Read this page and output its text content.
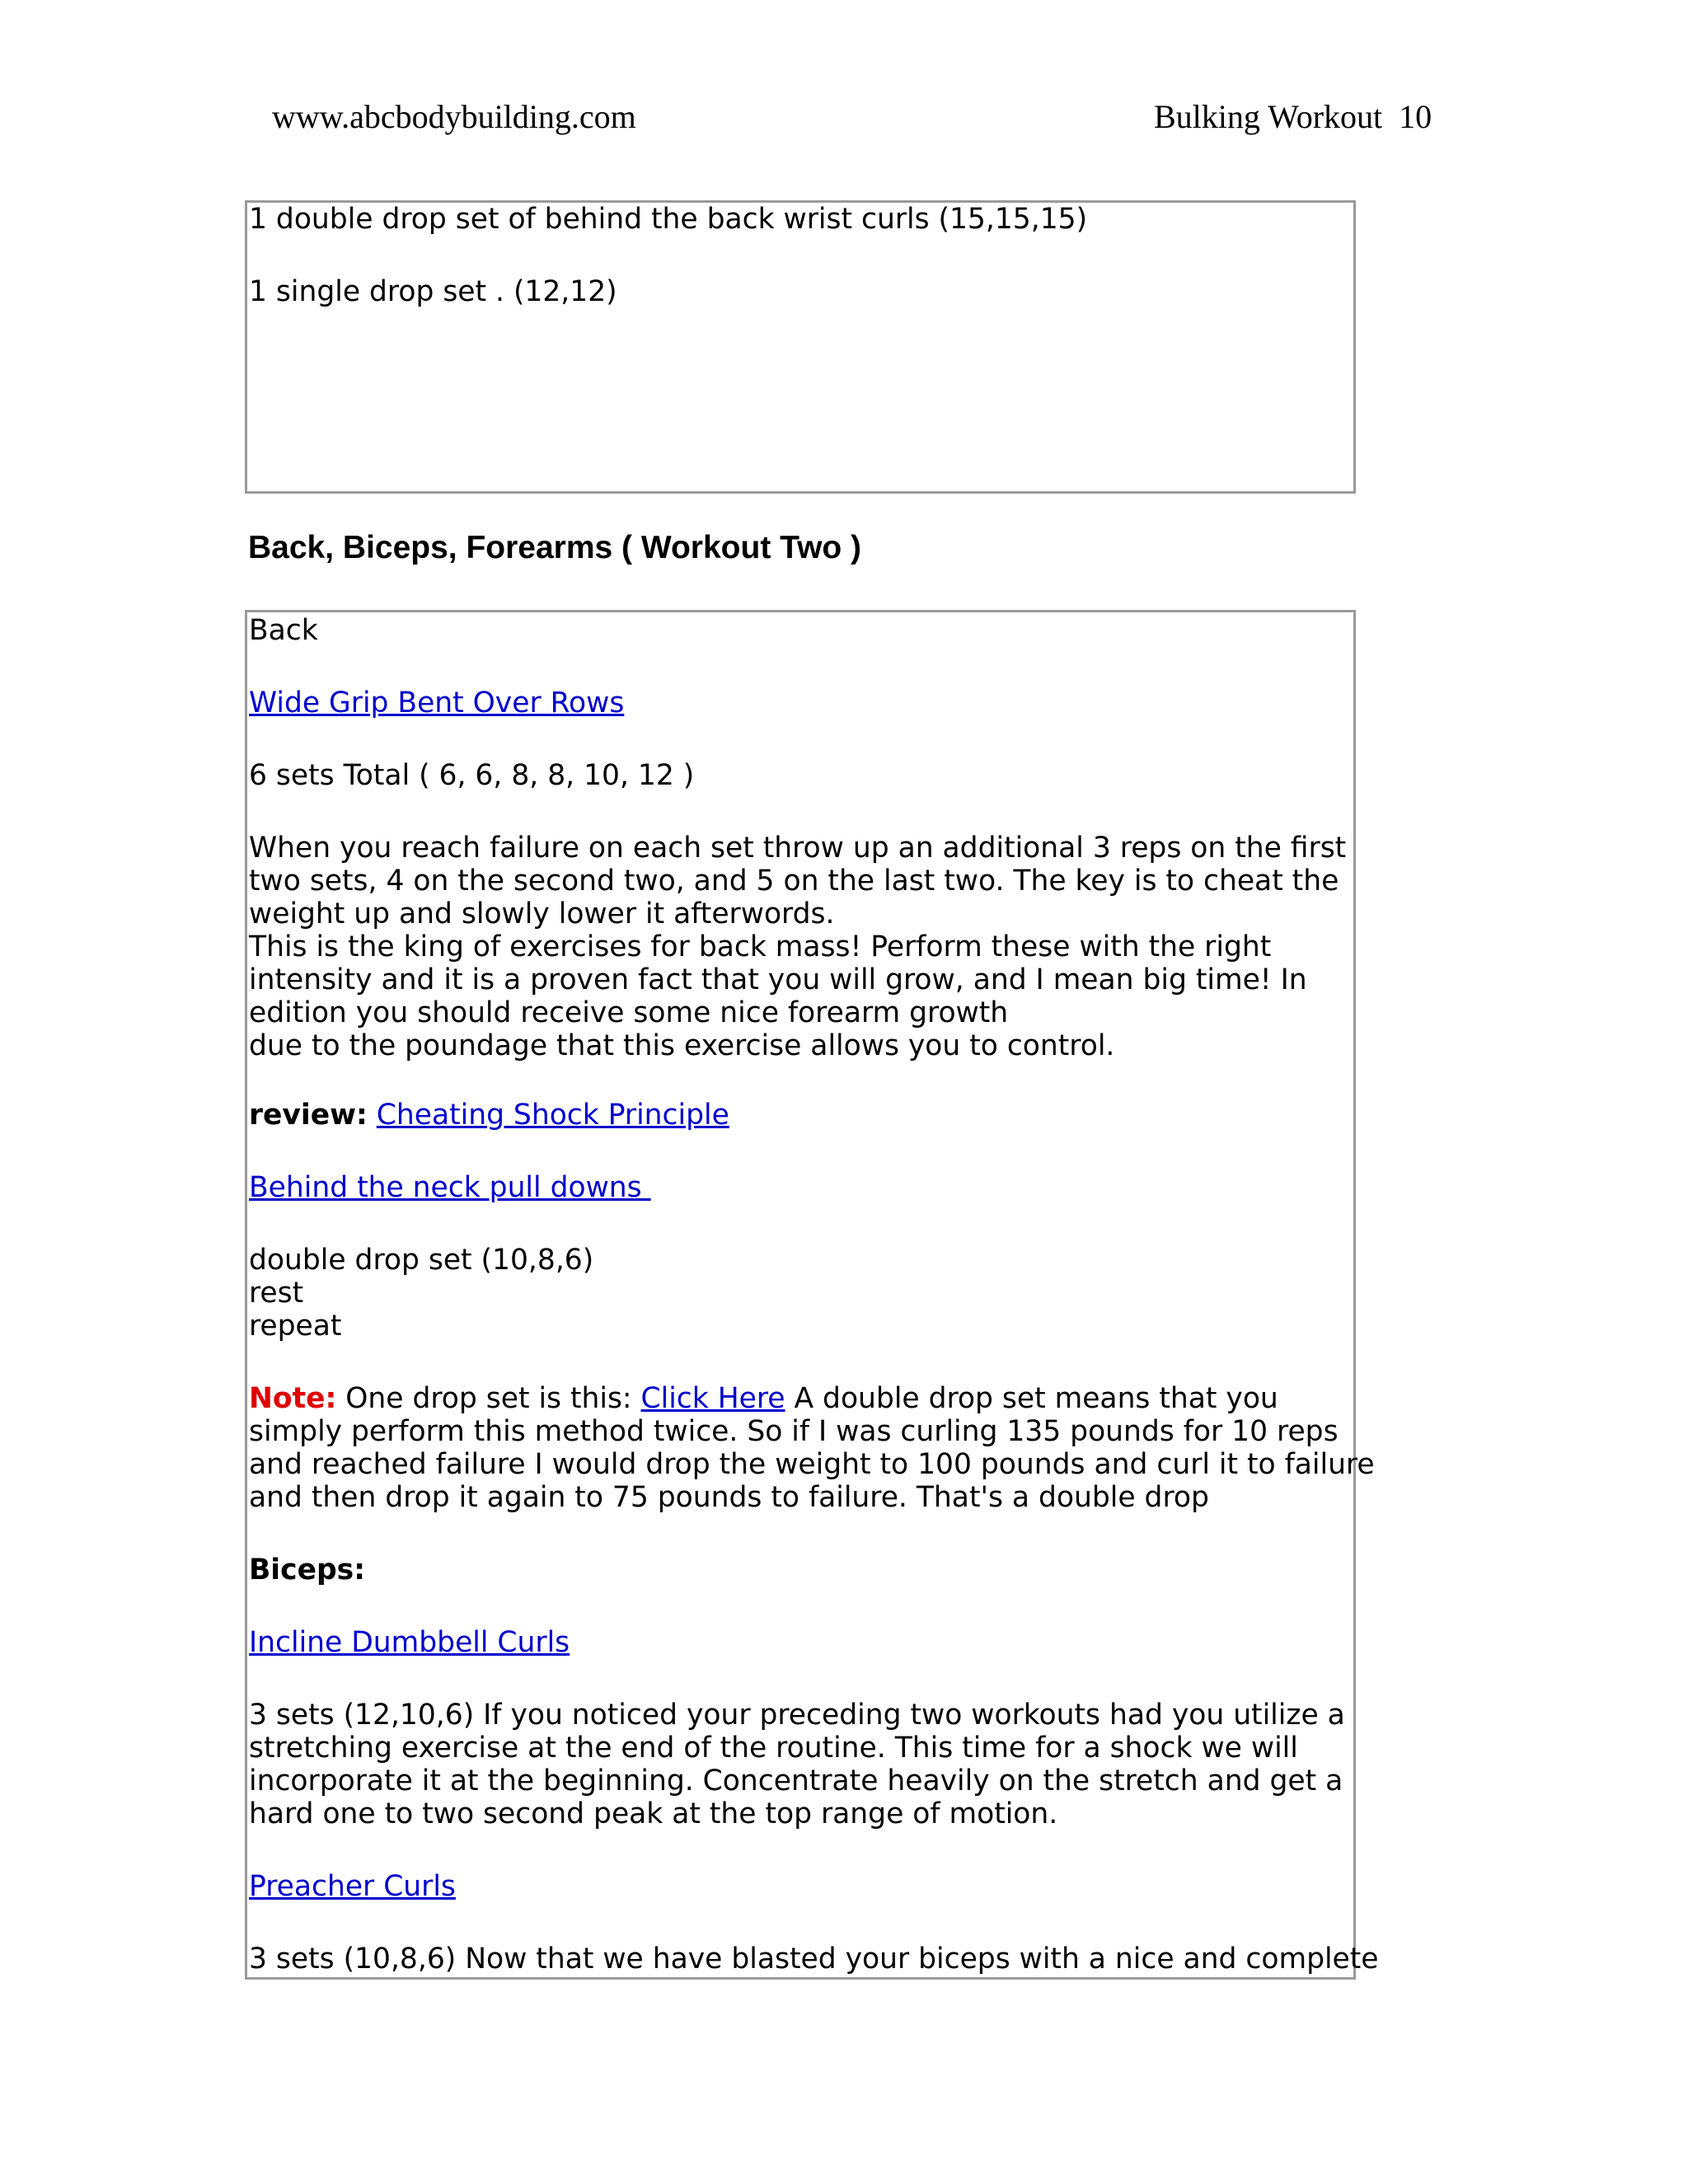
www.abcbodybuilding.com	Bulking Workout 10
1 double drop set of behind the back wrist curls (15,15,15)
1 single drop set . (12,12)
Back, Biceps, Forearms ( Workout Two )
Back
Wide Grip Bent Over Rows
6 sets Total ( 6, 6, 8, 8, 10, 12 )
When you reach failure on each set throw up an additional 3 reps on the first
two sets, 4 on the second two, and 5 on the last two. The key is to cheat the
weight up and slowly lower it afterwords.
This is the king of exercises for back mass! Perform these with the right
intensity and it is a proven fact that you will grow, and I mean big time! In
edition you should receive some nice forearm growth
due to the poundage that this exercise allows you to control.
review: Cheating Shock Principle
Behind the neck pull downs
double drop set (10,8,6)
rest
repeat
Note: One drop set is this: Click Here A double drop set means that you
simply perform this method twice. So if I was curling 135 pounds for 10 reps
and reached failure I would drop the weight to 100 pounds and curl it to failure
and then drop it again to 75 pounds to failure. That's a double drop
Biceps:
Incline Dumbbell Curls
3 sets (12,10,6) If you noticed your preceding two workouts had you utilize a
stretching exercise at the end of the routine. This time for a shock we will
incorporate it at the beginning. Concentrate heavily on the stretch and get a
hard one to two second peak at the top range of motion.
Preacher Curls
3 sets (10,8,6) Now that we have blasted your biceps with a nice and complete
